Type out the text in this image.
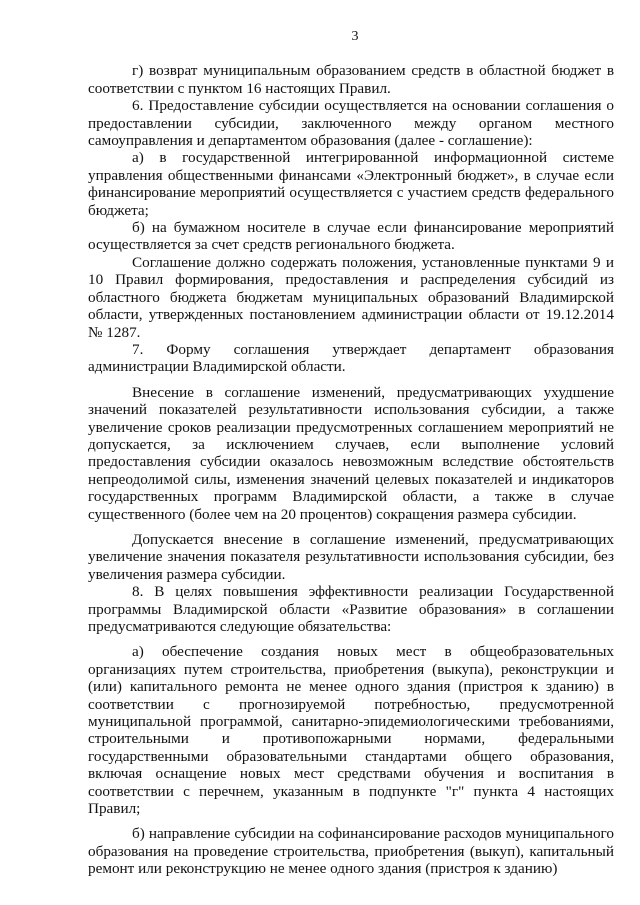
3

г) возврат муниципальным образованием средств в областной бюджет в соответствии с пунктом 16 настоящих Правил.

6. Предоставление субсидии осуществляется на основании соглашения о предоставлении субсидии, заключенного между органом местного самоуправления и департаментом образования (далее - соглашение):

а) в государственной интегрированной информационной системе управления общественными финансами «Электронный бюджет», в случае если финансирование мероприятий осуществляется с участием средств федерального бюджета;

б) на бумажном носителе в случае если финансирование мероприятий осуществляется за счет средств регионального бюджета.

Соглашение должно содержать положения, установленные пунктами 9 и 10 Правил формирования, предоставления и распределения субсидий из областного бюджета бюджетам муниципальных образований Владимирской области, утвержденных постановлением администрации области от 19.12.2014 № 1287.

7. Форму соглашения утверждает департамент образования администрации Владимирской области.

Внесение в соглашение изменений, предусматривающих ухудшение значений показателей результативности использования субсидии, а также увеличение сроков реализации предусмотренных соглашением мероприятий не допускается, за исключением случаев, если выполнение условий предоставления субсидии оказалось невозможным вследствие обстоятельств непреодолимой силы, изменения значений целевых показателей и индикаторов государственных программ Владимирской области, а также в случае существенного (более чем на 20 процентов) сокращения размера субсидии.

Допускается внесение в соглашение изменений, предусматривающих увеличение значения показателя результативности использования субсидии, без увеличения размера субсидии.

8. В целях повышения эффективности реализации Государственной программы Владимирской области «Развитие образования» в соглашении предусматриваются следующие обязательства:

а) обеспечение создания новых мест в общеобразовательных организациях путем строительства, приобретения (выкупа), реконструкции и (или) капитального ремонта не менее одного здания (пристроя к зданию) в соответствии с прогнозируемой потребностью, предусмотренной муниципальной программой, санитарно-эпидемиологическими требованиями, строительными и противопожарными нормами, федеральными государственными образовательными стандартами общего образования, включая оснащение новых мест средствами обучения и воспитания в соответствии с перечнем, указанным в подпункте "г" пункта 4 настоящих Правил;

б) направление субсидии на софинансирование расходов муниципального образования на проведение строительства, приобретения (выкуп), капитальный ремонт или реконструкцию не менее одного здания (пристроя к зданию)
